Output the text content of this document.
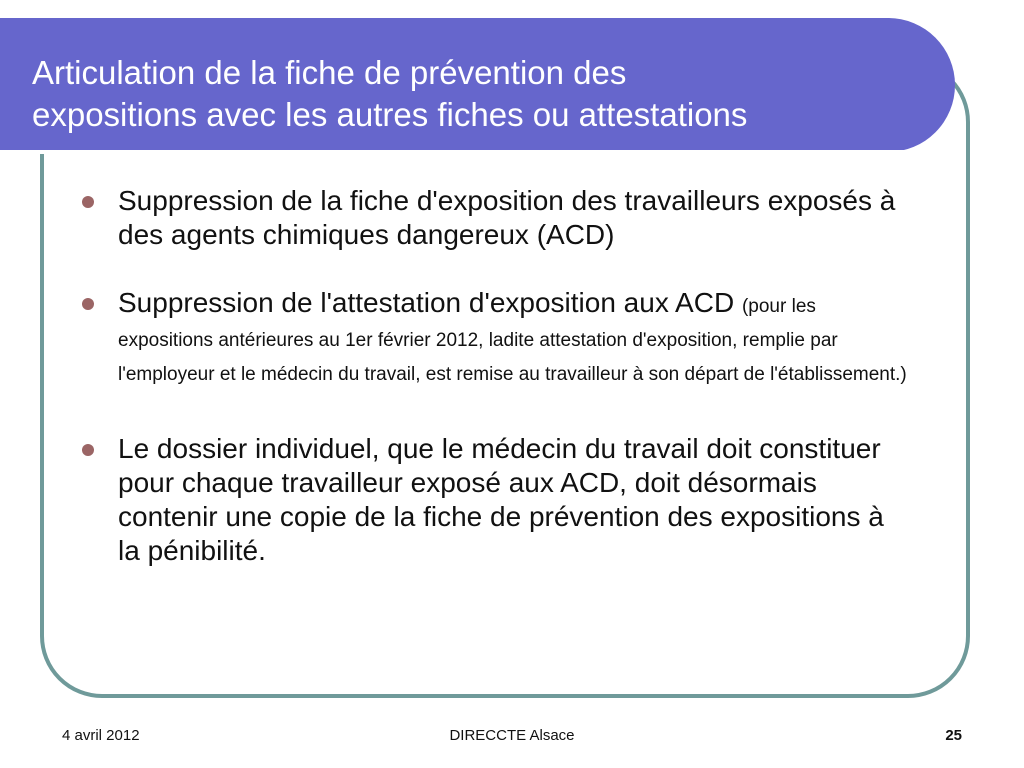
Articulation de la fiche de prévention des
expositions avec les autres fiches ou attestations
Suppression de la fiche d'exposition des travailleurs exposés à des agents chimiques dangereux (ACD)
Suppression de l'attestation d'exposition aux ACD (pour les expositions antérieures au 1er février 2012, ladite attestation d'exposition, remplie par l'employeur et le médecin du travail, est remise au travailleur à son départ de l'établissement.)
Le dossier individuel, que le médecin du travail doit constituer pour chaque travailleur exposé aux ACD, doit désormais contenir une copie de la fiche de prévention des expositions à la pénibilité.
4 avril 2012	DIRECCTE Alsace	25
